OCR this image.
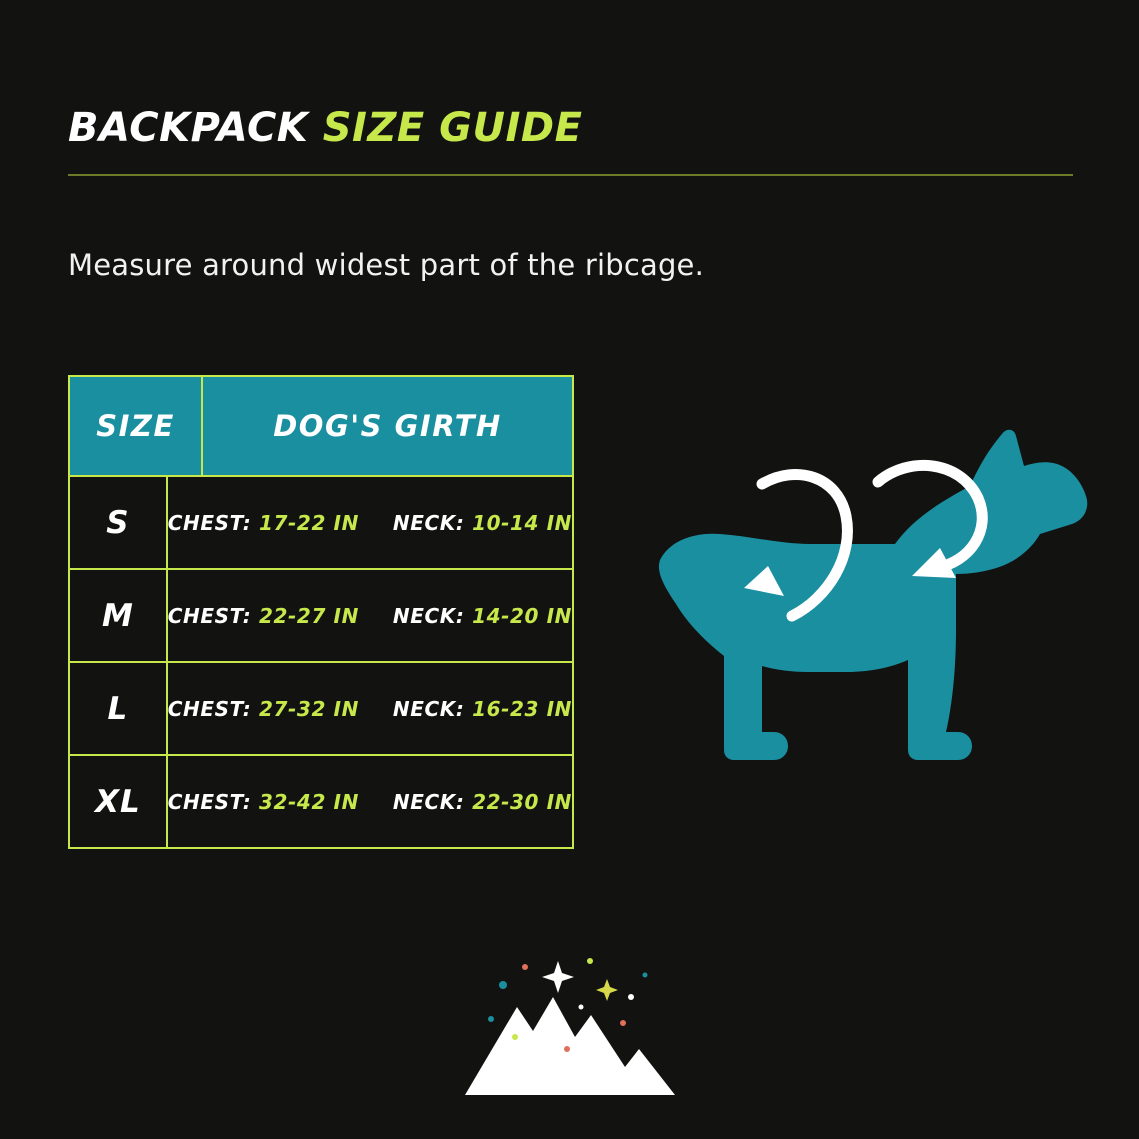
BACKPACK SIZE GUIDE
Measure around widest part of the ribcage.
SIZE	DOG'S GIRTH
S CHEST: 17-22 IN NECK: 10-14 IN
M CHEST: 22-27 IN NECK: 14-20 IN
L CHEST: 27-32 IN NECK: 16-23 IN
XL CHEST: 32-42 IN NECK: 22-30 IN
